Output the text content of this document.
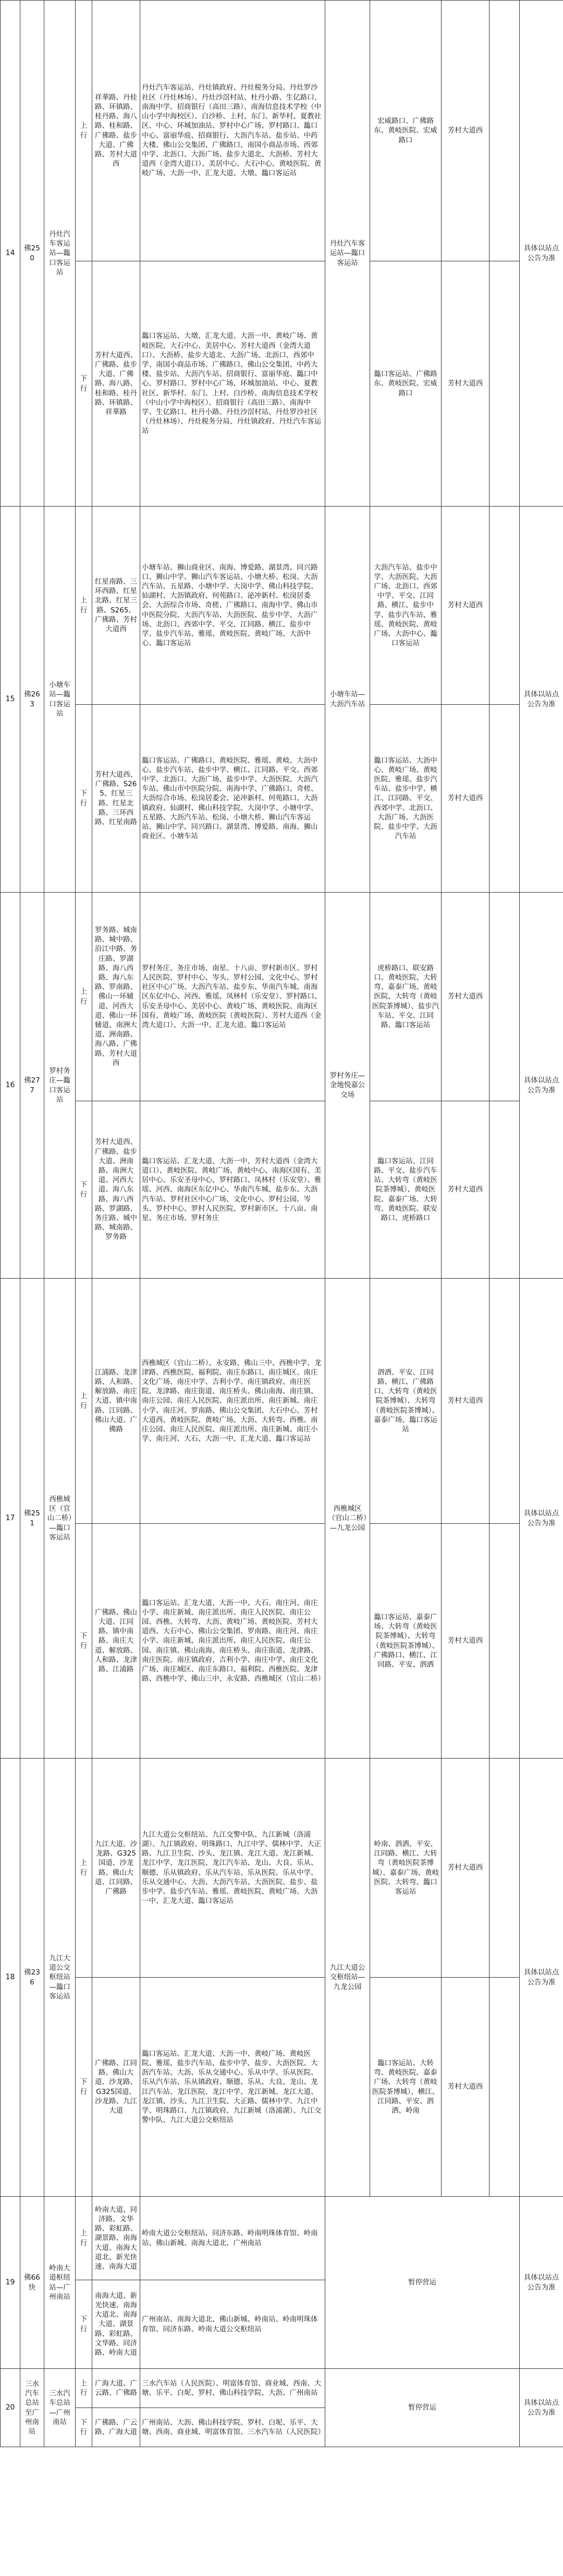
14	佛250	丹灶汽车客运站—瀶口客运站	上行	祥華路、丹桂路、环镇路、桂丹路、海八路、桂和路、广佛路、盐步大道、广佛路、芳村大道西	丹灶汽车客运站、丹灶镇政府、丹灶税务分局、丹灶罗沙社区（丹灶林场）、丹灶沙滘村站、杜丹小路、生亿路口、南海中学、招商银行（高田三路）、南海信息技术学校（中山小学中海校区）、白沙桥、上村、东门、新华村、夏教社区、中心、环城加油站、罗村中心广场、罗村路口、瀶口中心、富丽华庭、招商银行、大沥汽车站、盐步站、中药大楼、佛山公交集团、广佛路口、南国小商品市场、西郊中学、北沥口、大沥广场、盐步大道北、大沥桥、芳村大道西（金湾大道口）、美居中心、大石中心、黄岐医院、黄岐广场、大沥一中、汇龙大道、大墩、瀶口客运站	丹灶汽车客运站—瀶口客运站	宏威路口、广佛路东、黄岐医院、宏威路口	芳村大道西		具体以站点公告为准
			下行	芳村大道西、广佛路、盐步大道、广佛路、海八路、桂和路、桂丹路、环镇路、祥華路	瀶口客运站、大墩、汇龙大道、大沥一中、黄岐广场、黄岐医院、大石中心、美居中心、芳村大道西（金湾大道口）、大沥桥、盐步大道北、大沥广场、北沥口、西郊中学、南国小商品市场、广佛路口、佛山公交集团、中药大楼、盐步站、大沥汽车站、招商银行、富丽华庭、瀶口中心、罗村路口、罗村中心广场、环城加油站、中心、夏教社区、新华村、东门、上村、白沙桥、南海信息技术学校（中山小学中海校区）、招商银行（高田三路）、南海中学、生亿路口、杜丹小路、丹灶沙滘村站、丹灶罗沙社区（丹灶林场）、丹灶税务分局、丹灶镇政府、丹灶汽车客运站		瀶口客运站、广佛路东、黄岐医院、宏威路口	芳村大道西		
15	佛263	小塘车站—瀶口客运站	上行	红星南路、三环西路、红星北路、红星三路、S265、广佛路、芳村大道西	小塘车站、狮山商业区、南海、博爱路、湖景湾、同兴路口、狮山中学、狮山汽车客运站、小塘大桥、松岗、大沥汽车站、五星路、小塘中学、大岗中学、佛山科技学院、仙湖村、大沥镇政府、何苑路口、泌冲新村、松岗居委会、大沥综合市场、奇槎、广佛路口、南海中学、佛山市中医院分院、大沥汽车站、大沥医院、盐步中学、大沥广场、北沥口、西郊中学、平交、江同路、横江、盐步中学、盐步汽车站、雅瑶、黄岐医院、黄岐广场、大沥中心、瀶口客运站	小塘车站—大沥汽车站	大沥汽车站、盐步中学、大沥医院、大沥广场、北沥口、西郊中学、平交、江同路、横江、盐步中学、盐步汽车站、雅瑶、黄岐医院、黄岐广场、大沥中心、瀶口客运站	芳村大道西		具体以站点公告为准
			下行	芳村大道西、广佛路、S265、红星三路、红星北路、三环西路、红星南路	瀶口客运站、广佛路口、黄岐医院、雅瑶、黄岐、大沥中心、盐步汽车站、盐步中学、横江、江同路、平交、西郊中学、北沥口、大沥广场、盐步中学、大沥医院、大沥汽车站、佛山市中医院分院、南海中学、广佛路口、奇槎、大沥综合市场、松岗居委会、泌冲新村、何苑路口、大沥镇政府、仙湖村、佛山科技学院、大岗中学、小塘中学、五星路、大沥汽车站、松岗、小塘大桥、狮山汽车客运站、狮山中学、同兴路口、湖景湾、博爱路、南海、狮山商业区、小塘车站		瀶口客运站、大沥中心、黄岐广场、黄岐医院、雅瑶、盐步汽车站、盐步中学、横江、江同路、平交、西郊中学、北沥口、大沥广场、大沥医院、盐步中学、大沥汽车站	芳村大道西		
16	佛277	罗村务庄—瀶口客运站	上行	罗务路、城南路、城中路、沿江中路、务庄路、罗湖路、海八西路、海八东路、罗南路、佛山一环辅道、河西大道、佛山一环辅道、南洲大道、洲南路、海八路、广佛路、芳村大道西	罗村务庄、务庄市场、南星、十八亩、罗村新市区、罗村人民医院、罗村中心、岑头、罗村公园、文化中心、罗村社区中心广场、大沥汽车站、盐步东、华南汽车城、南海区东亿中心、河西、雅瑶、凤林村（乐安堂）、罗村路口、乐安圣母中心、美居中心、黄岐广场、黄岐医院、南海区国有、黄岐广场、黄岐医院（黄岐医院）、芳村大道西（金湾大道口）、大沥一中、汇龙大道、瀶口客运站	罗村务庄—金地悦嘉公交场	虎桥路口、联安路口、黄岐医院、大转弯、嘉泰广场、黄岐医院、大转弯（黄岐医院茶博城）、盐步汽车站、平交、江同路、瀶口客运站	芳村大道西		具体以站点公告为准
			下行	芳村大道西、广佛路、盐步大道、洲南路、南洲大道、河西大道、海八东路、海八西路、罗湖路、务庄路、城中路、城南路、罗务路	瀶口客运站、汇龙大道、大沥一中、芳村大道西（金湾大道口）、黄岐医院、黄岐广场、黄岐中心、南海区国有、美居中心、乐安圣母中心、罗村路口、凤林村（乐安堂）、雅瑶、河西、南海区东亿中心、华南汽车城、盐步东、大沥汽车站、罗村社区中心广场、文化中心、罗村公园、岑头、罗村中心、罗村人民医院、罗村新市区、十八亩、南星、务庄市场、罗村务庄		瀶口客运站、江同路、平交、盐步汽车站、大转弯（黄岐医院茶博城）、黄岐医院、嘉泰广场、大转弯、黄岐医院、联安路口、虎桥路口	芳村大道西		
17	佛251	西樵城区（官山二桥）—瀶口客运站	上行	江浦路、龙津路、人和路、解放路、南庄大道、镇中南路、江同路、佛山大道、广佛路	西樵城区（官山二桥）、永安路、佛山三中、西樵中学、龙津路、西樵医院、福利院、南庄东路口、南庄城区、南庄文化广场、南庄中学、吉利小学、南庄镇政府、南庄医院、龙津路、南庄街道、南庄桥头、佛山南海、南庄镇、南庄公园、南庄人民医院、南庄派出所、南庄新城、南庄小学、南庄河、罗南路、佛山公交集团、大石中心、芳村大道西、黄岐医院、黄岐广场、大沥、大转弯、西樵、南庄公园、南庄人民医院、南庄派出所、南庄新城、南庄小学、南庄河、大石、大沥一中、汇龙大道、瀶口客运站	西樵城区（官山二桥）—九龙公园	泗洒、平安、江同路、横江、广佛路口、大转弯（黄岐医院茶博城）、大转弯（黄岐医院茶博城）、嘉泰广场、瀶口客运站	芳村大道西		具体以站点公告为准
			下行	广佛路、佛山大道、江同路、镇中南路、南庄大道、解放路、人和路、龙津路、江浦路	瀶口客运站、汇龙大道、大沥一中、大石、南庄河、南庄小学、南庄新城、南庄派出所、南庄人民医院、南庄公园、西樵、大转弯、大沥、黄岐广场、黄岐医院、芳村大道西、大石中心、佛山公交集团、罗南路、南庄河、南庄小学、南庄新城、南庄派出所、南庄人民医院、南庄公园、南庄镇、佛山南海、南庄桥头、南庄街道、龙津路、南庄医院、南庄镇政府、吉利小学、南庄中学、南庄文化广场、南庄城区、南庄东路口、福利院、西樵医院、龙津路、西樵中学、佛山三中、永安路、西樵城区（官山二桥）		瀶口客运站、嘉泰广场、大转弯（黄岐医院茶博城）、大转弯（黄岐医院茶博城）、广佛路口、横江、江同路、平安、泗洒	芳村大道西		
18	佛236	九江大道公交枢纽站—瀶口客运站	上行	九江大道、沙龙路、G325国道、沙龙路、佛山大道、江同路、广佛路	九江大道公交枢纽站、九江交警中队、九江新城（洛浦湖）、九江镇政府、明珠路口、九江中学、儒林中学、大正路、九江卫生院、沙头、龙江镇、龙江大道、龙江新城、龙江中学、龙江医院、龙江汽车站、龙山、大良、乐从、顺德、乐从镇政府、乐从汽车站、乐从医院、乐从中学、乐从交通中心、大沥、大沥汽车站、大沥医院、盐步、盐步中学、盐步汽车站、雅瑶、黄岐医院、黄岐广场、大沥一中、汇龙大道、瀶口客运站	九江大道公交枢纽站—九龙公园	岭南、泗洒、平安、江同路、横江、大转弯（黄岐医院茶博城）、嘉泰广场、黄岐医院、大转弯、瀶口客运站	芳村大道西		具体以站点公告为准
			下行	广佛路、江同路、佛山大道、沙龙路、G325国道、沙龙路、九江大道	瀶口客运站、汇龙大道、大沥一中、黄岐广场、黄岐医院、雅瑶、盐步汽车站、盐步中学、盐步、大沥医院、大沥汽车站、大沥、乐从交通中心、乐从中学、乐从医院、乐从汽车站、乐从镇政府、顺德、乐从、大良、龙山、龙江汽车站、龙江医院、龙江中学、龙江新城、龙江大道、龙江镇、沙头、九江卫生院、大正路、儒林中学、九江中学、明珠路口、九江镇政府、九江新城（洛浦湖）、九江交警中队、九江大道公交枢纽站		瀶口客运站、大转弯、黄岐医院、嘉泰广场、大转弯（黄岐医院茶博城）、横江、江同路、平安、泗洒、岭南	芳村大道西		
19	佛66快	岭南大道枢纽站—广州南站	上行	岭南大道、同济路、文华路、彩虹路、湖景路、南海大道、南海大道北、新光快速、南海大道	岭南大道公交枢纽站、同济东路、岭南明珠体育馆、岭南站、佛山新城、南海大道北、广州南站	暂停营运				具体以站点公告为准
			下行	南海大道、新光快速、南海大道北、南海大道、湖景路、彩虹路、文华路、同济路、岭南大道	广州南站、南海大道北、佛山新城、岭南站、岭南明珠体育馆、同济东路、岭南大道公交枢纽站					
20	三水汽车总站至广州南站	三水汽车总站—广州南站	上行	广海大道、广云路、广佛路	三水汽车站（人民医院）、明富体育馆、商业城、西南、大塘、乐平、白坭、罗村、佛山科技学院、大沥、广州南站	暂停营运				具体以站点公告为准
			下行	广佛路、广云路、广海大道	广州南站、大沥、佛山科技学院、罗村、白坭、乐平、大塘、西南、商业城、明富体育馆、三水汽车站（人民医院）					
